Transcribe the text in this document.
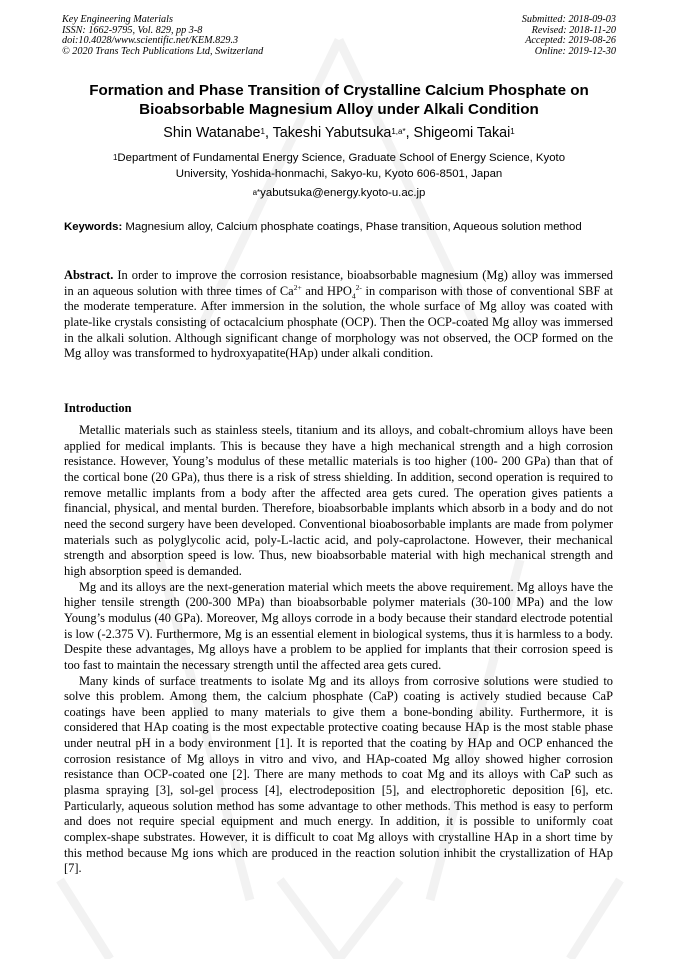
Key Engineering Materials
ISSN: 1662-9795, Vol. 829, pp 3-8
doi:10.4028/www.scientific.net/KEM.829.3
© 2020 Trans Tech Publications Ltd, Switzerland
Submitted: 2018-09-03
Revised: 2018-11-20
Accepted: 2019-08-26
Online: 2019-12-30
Formation and Phase Transition of Crystalline Calcium Phosphate on
Bioabsorbable Magnesium Alloy under Alkali Condition
Shin Watanabe$^1$, Takeshi Yabutsuka$^{1,a*}$, Shigeomi Takai$^1$
$^1$Department of Fundamental Energy Science, Graduate School of Energy Science, Kyoto
University, Yoshida-honmachi, Sakyo-ku, Kyoto 606-8501, Japan
$^{a*}$yabutsuka@energy.kyoto-u.ac.jp
Keywords: Magnesium alloy, Calcium phosphate coatings, Phase transition, Aqueous solution method
Abstract. In order to improve the corrosion resistance, bioabsorbable magnesium (Mg) alloy was immersed in an aqueous solution with three times of $Ca^{2+}$ and $HPO_4^{2-}$ in comparison with those of conventional SBF at the moderate temperature. After immersion in the solution, the whole surface of Mg alloy was coated with plate-like crystals consisting of octacalcium phosphate (OCP). Then the OCP-coated Mg alloy was immersed in the alkali solution. Although significant change of morphology was not observed, the OCP formed on the Mg alloy was transformed to hydroxyapatite(HAp) under alkali condition.
Introduction

Metallic materials such as stainless steels, titanium and its alloys, and cobalt-chromium alloys have been applied for medical implants. This is because they have a high mechanical strength and a high corrosion resistance. However, Young’s modulus of these metallic materials is too higher (100- 200 GPa) than that of the cortical bone (20 GPa), thus there is a risk of stress shielding. In addition, second operation is required to remove metallic implants from a body after the affected area gets cured. The operation gives patients a financial, physical, and mental burden. Therefore, bioabsorbable implants which absorb in a body and do not need the second surgery have been developed. Conventional bioabosorbable implants are made from polymer materials such as polyglycolic acid, poly-L-lactic acid, and poly-caprolactone. However, their mechanical strength and absorption speed is low. Thus, new bioabsorbable material with high mechanical strength and high absorption speed is demanded.

Mg and its alloys are the next-generation material which meets the above requirement. Mg alloys have the higher tensile strength (200-300 MPa) than bioabsorbable polymer materials (30-100 MPa) and the low Young’s modulus (40 GPa). Moreover, Mg alloys corrode in a body because their standard electrode potential is low (-2.375 V). Furthermore, Mg is an essential element in biological systems, thus it is harmless to a body. Despite these advantages, Mg alloys have a problem to be applied for implants that their corrosion speed is too fast to maintain the necessary strength until the affected area gets cured.

Many kinds of surface treatments to isolate Mg and its alloys from corrosive solutions were studied to solve this problem. Among them, the calcium phosphate (CaP) coating is actively studied because CaP coatings have been applied to many materials to give them a bone-bonding ability. Furthermore, it is considered that HAp coating is the most expectable protective coating because HAp is the most stable phase under neutral pH in a body environment [1]. It is reported that the coating by HAp and OCP enhanced the corrosion resistance of Mg alloys in vitro and vivo, and HAp-coated Mg alloy showed higher corrosion resistance than OCP-coated one [2]. There are many methods to coat Mg and its alloys with CaP such as plasma spraying [3], sol-gel process [4], electrodeposition [5], and electrophoretic deposition [6], etc. Particularly, aqueous solution method has some advantage to other methods. This method is easy to perform and does not require special equipment and much energy. In addition, it is possible to uniformly coat complex-shape substrates. However, it is difficult to coat Mg alloys with crystalline HAp in a short time by this method because Mg ions which are produced in the reaction solution inhibit the crystallization of HAp [7].
